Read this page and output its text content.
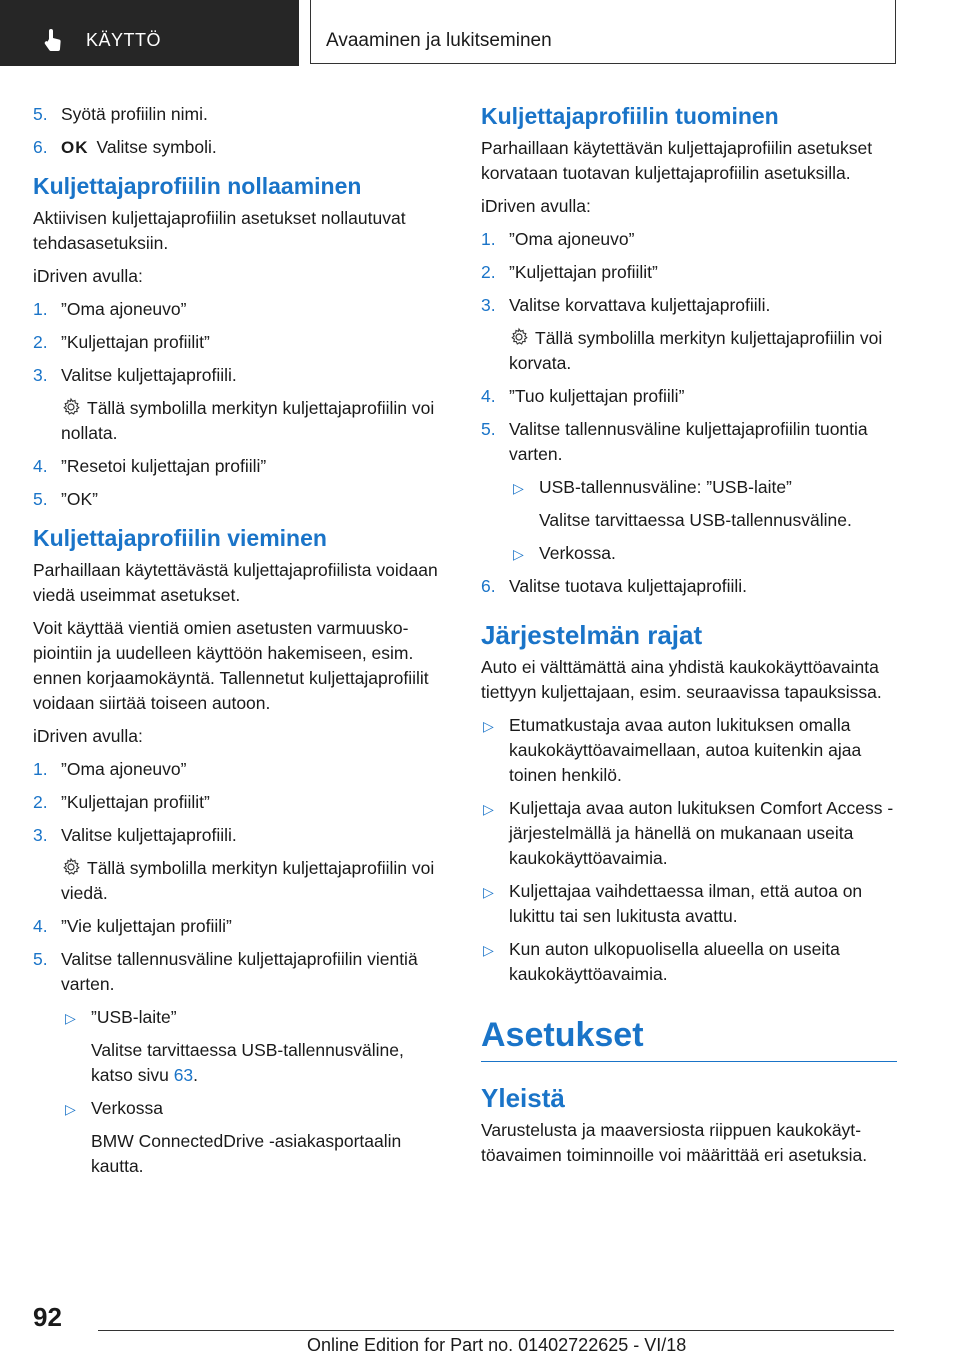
KÄYTTÖ	Avaaminen ja lukitseminen
5. Syötä profiilin nimi.
6. OK Valitse symboli.
Kuljettajaprofiilin nollaaminen

Aktiivisen kuljettajaprofiilin asetukset nollautuvat tehdasasetuksiin.

iDriven avulla:

1. ”Oma ajoneuvo”
2. ”Kuljettajan profiilit”
3. Valitse kuljettajaprofiili.
Tällä symbolilla merkityn kuljettajaprofiilin voi nollata.
4. ”Resetoi kuljettajan profiili”
5. ”OK”
Kuljettajaprofiilin vieminen

Parhaillaan käytettävästä kuljettajaprofiilista voidaan viedä useimmat asetukset.

Voit käyttää vientiä omien asetusten varmuuskopiointiin ja uudelleen käyttöön hakemiseen, esim. ennen korjaamokäyntä. Tallennetut kuljettajaprofiilit voidaan siirtää toiseen autoon.

iDriven avulla:

1. ”Oma ajoneuvo”
2. ”Kuljettajan profiilit”
3. Valitse kuljettajaprofiili.
Tällä symbolilla merkityn kuljettajaprofiilin voi viedä.
4. ”Vie kuljettajan profiili”
5. Valitse tallennusväline kuljettajaprofiilin vientiä varten.
▷ ”USB-laite”
Valitse tarvittaessa USB-tallennusväline, katso sivu 63.
▷ Verkossa
BMW ConnectedDrive -asiakasportaalin kautta.
Kuljettajaprofiilin tuominen

Parhaillaan käytettävän kuljettajaprofiilin asetukset korvataan tuotavan kuljettajaprofiilin asetuksilla.

iDriven avulla:

1. ”Oma ajoneuvo”
2. ”Kuljettajan profiilit”
3. Valitse korvattava kuljettajaprofiili.
Tällä symbolilla merkityn kuljettajaprofiilin voi korvata.
4. ”Tuo kuljettajan profiili”
5. Valitse tallennusväline kuljettajaprofiilin tuontia varten.
▷ USB-tallennusväline: ”USB-laite”
Valitse tarvittaessa USB-tallennusväline.
▷ Verkossa.
6. Valitse tuotava kuljettajaprofiili.
Järjestelmän rajat

Auto ei välttämättä aina yhdistä kaukokäyttöavainta tiettyyn kuljettajaan, esim. seuraavissa tapauksissa.

▷ Etumatkustaja avaa auton lukituksen omalla kaukokäyttöavaimellaan, autoa kuitenkin ajaa toinen henkilö.
▷ Kuljettaja avaa auton lukituksen Comfort Access -järjestelmällä ja hänellä on mukanaan useita kaukokäyttöavaimia.
▷ Kuljettajaa vaihdettaessa ilman, että autoa on lukittu tai sen lukitusta avattu.
▷ Kun auton ulkopuolisella alueella on useita kaukokäyttöavaimia.
Asetukset
Yleistä

Varustelusta ja maaversiosta riippuen kaukokäyttöavaimen toiminnoille voi määrittää eri asetuksia.

92
Online Edition for Part no. 01402722625 - VI/18
